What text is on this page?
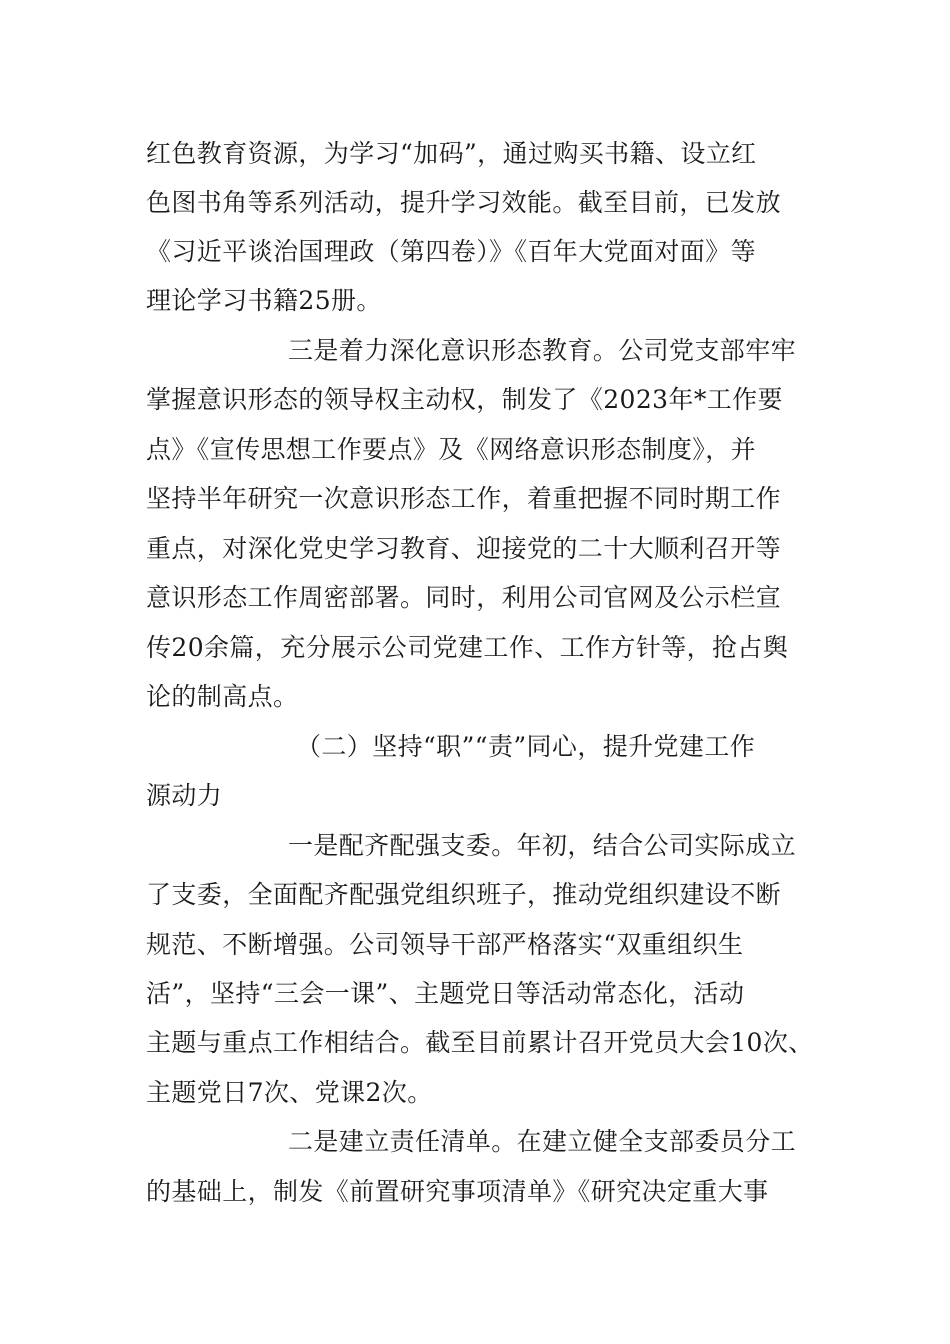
红色教育资源，为学习“加码”，通过购买书籍、设立红
色图书角等系列活动，提升学习效能。截至目前，已发放
《习近平谈治国理政（第四卷）》《百年大党面对面》等
理论学习书籍25册。
三是着力深化意识形态教育。公司党支部牢牢
掌握意识形态的领导权主动权，制发了《2023年*工作要
点》《宣传思想工作要点》及《网络意识形态制度》，并
坚持半年研究一次意识形态工作，着重把握不同时期工作
重点，对深化党史学习教育、迎接党的二十大顺利召开等
意识形态工作周密部署。同时，利用公司官网及公示栏宣
传20余篇，充分展示公司党建工作、工作方针等，抢占舆
论的制高点。
（二）坚持“职”“责”同心，提升党建工作
源动力
一是配齐配强支委。年初，结合公司实际成立
了支委，全面配齐配强党组织班子，推动党组织建设不断
规范、不断增强。公司领导干部严格落实“双重组织生
活”，坚持“三会一课”、主题党日等活动常态化，活动
主题与重点工作相结合。截至目前累计召开党员大会10次、
主题党日7次、党课2次。
二是建立责任清单。在建立健全支部委员分工
的基础上，制发《前置研究事项清单》《研究决定重大事
